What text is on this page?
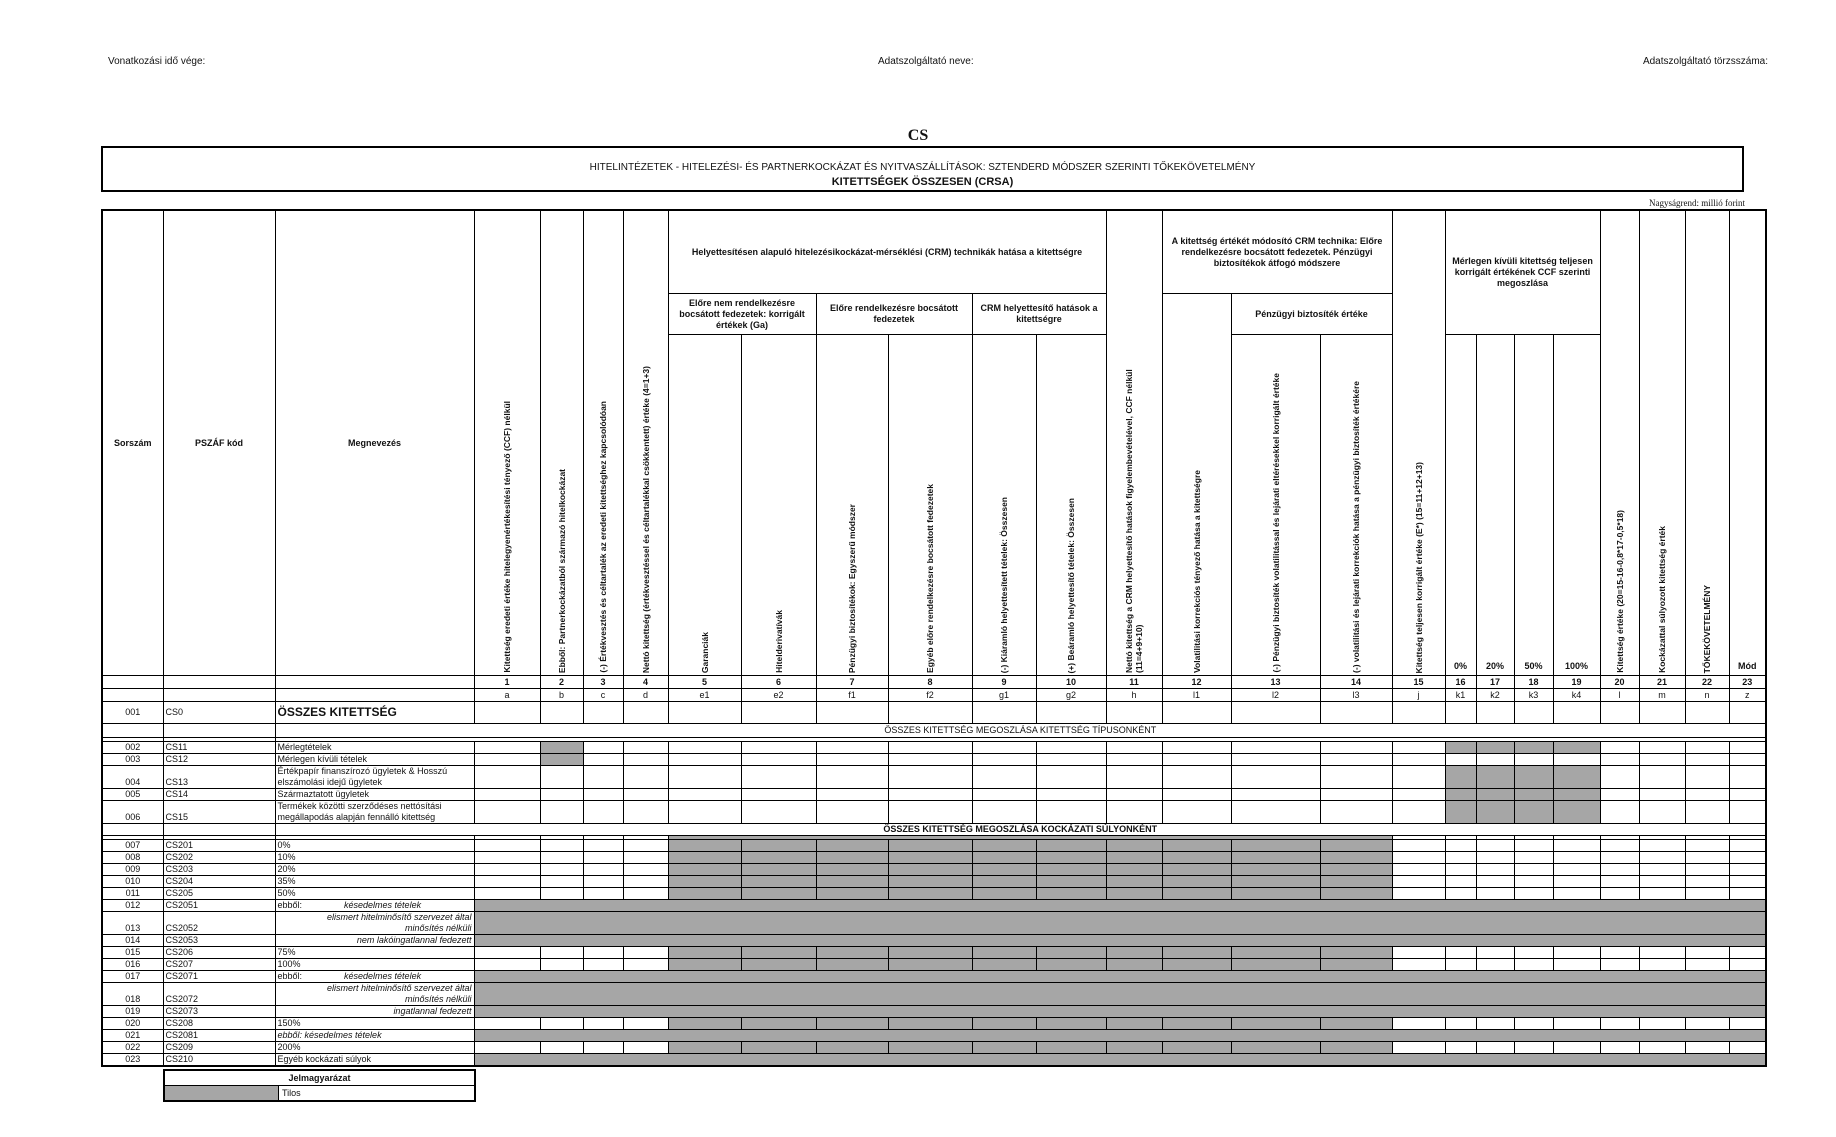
Vonatkozási idő vége:	Adatszolgáltató neve:	Adatszolgáltató törzsszáma:
CS
HITELINTÉZETEK - HITELEZÉSI- ÉS PARTNERKOCKÁZAT ÉS NYITVASZÁLLÍTÁSOK: SZTENDERD MÓDSZER SZERINTI TŐKEKÖVETELMÉNY
KITETTSÉGEK ÖSSZESEN (CRSA)
Nagyságrend: millió forint
Sorszám	PSZÁF kód	Megnevezés	Kitettség eredeti értéke hitelegyenértékesítési tényező (CCF) nélkül	Ebből: Partnerkockázatból származó hitelkockázat	(-) Értékvesztés és céltartalék az eredeti kitettséghez kapcsolódóan	Nettó kitettség (értékvesztéssel és céltartalékkal csökkentett) értéke (4=1+3)	Helyettesítésen alapuló hitelezésikockázat-mérséklési (CRM) technikák hatása a kitettségre						Nettó kitettség a CRM helyettesítő hatások figyelembevételével, CCF nélkül (11=4+9+10)	A kitettség értékét módosító CRM technika: Előre rendelkezésre bocsátott fedezetek. Pénzügyi biztosítékok átfogó módszere			Kitettség teljesen korrigált értéke (E*) (15=11+12+13)	Mérlegen kívüli kitettség teljesen korrigált értékének CCF szerinti megoszlása				Kitettség értéke (20=15-16-0,8*17-0,5*18)	Kockázattal súlyozott kitettség érték	TŐKEKÖVETELMÉNY	Mód
							Előre nem rendelkezésre bocsátott fedezetek: korrigált értékek (Ga)		Előre rendelkezésre bocsátott fedezetek		CRM helyettesítő hatások a kitettségre			Volatilitási korrekciós tényező hatása a kitettségre	Pénzügyi biztosíték értéke										

							Garanciák	Hitelderivatívák	Pénzügyi biztosítékok: Egyszerű módszer	Egyéb előre rendelkezésre bocsátott fedezetek	(-) Kiáramló helyettesített tételek: Összesen	(+) Beáramló helyettesítő tételek: Összesen			(-) Pénzügyi biztosíték volatilitással és lejárati eltérésekkel korrigált értéke	(-) volatilitási és lejárati korrekciók hatása a pénzügyi biztosíték értékére		0%	20%	50%	100%				

			1	2	3	4	5	6	7	8	9	10	11	12	13	14	15	16	17	18	19	20	21	22	23
			a	b	c	d	e1	e2	f1	f2	g1	g2	h	l1	l2	l3	j	k1	k2	k3	k4	l	m	n	z
001	CS0	ÖSSZES KITETTSÉG																							
		ÖSSZES KITETTSÉG MEGOSZLÁSA KITETTSÉG TÍPUSONKÉNT																							

002	CS11	Mérlegtételek																							
003	CS12	Mérlegen kívüli tételek																							
004	CS13	Értékpapír finanszírozó ügyletek & Hosszú elszámolási idejű ügyletek																							
005	CS14	Származtatott ügyletek																							
006	CS15	Termékek közötti szerződéses nettósítási megállapodás alapján fennálló kitettség																							
		ÖSSZES KITETTSÉG MEGOSZLÁSA KOCKÁZATI SÚLYONKÉNT																							

007	CS201	0%																							
008	CS202	10%																							
009	CS203	20%																							
010	CS204	35%																							
011	CS205	50%																							
012	CS2051	ebből: késedelmes tételek																							
013	CS2052	elismert hitelminősítő szervezet által
minősítés nélküli																							

014	CS2053	nem lakóingatlannal fedezett																							
015	CS206	75%																							
016	CS207	100%																							
017	CS2071	ebből: késedelmes tételek																							
018	CS2072	elismert hitelminősítő szervezet által
minősítés nélküli																							

019	CS2073	ingatlannal fedezett																							
020	CS208	150%																							
021	CS2081	ebből: késedelmes tételek																							
022	CS209	200%																							
023	CS210	Egyéb kockázati súlyok																							
Jelmagyarázat
	Tilos
